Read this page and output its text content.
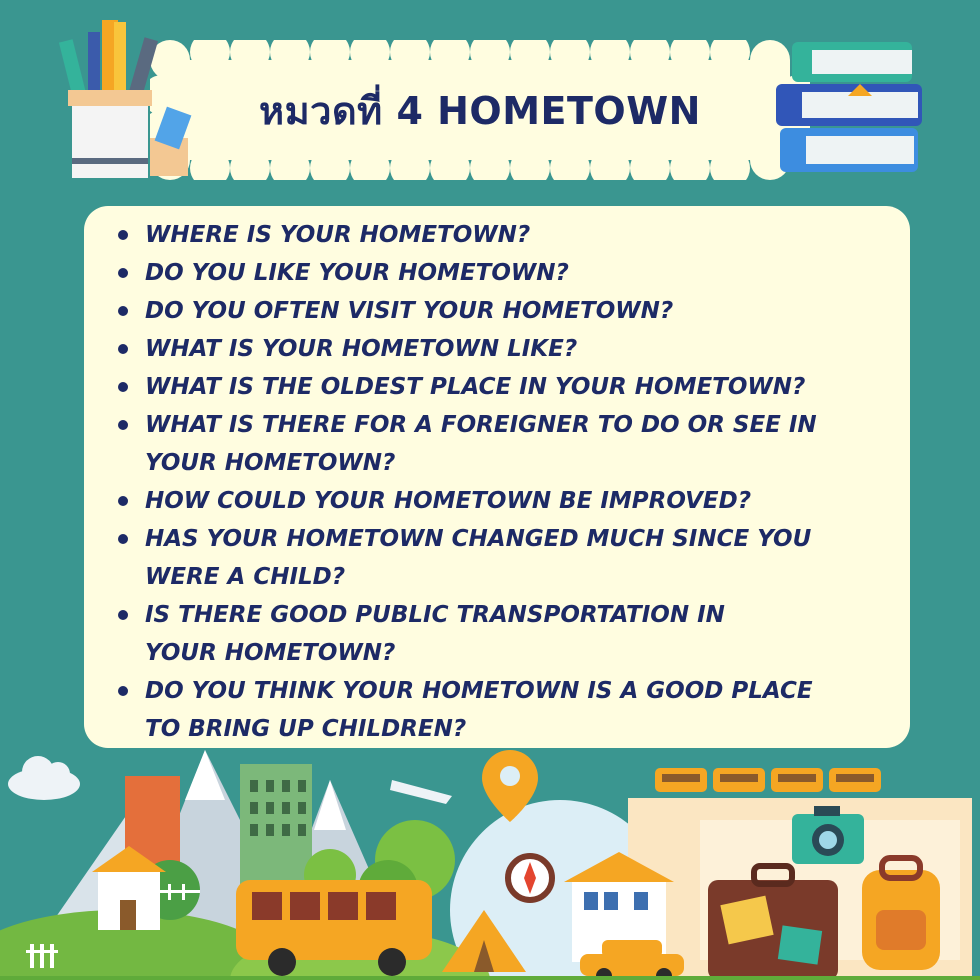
หมวดที่ 4 HOMETOWN
WHERE IS YOUR HOMETOWN?
DO YOU LIKE YOUR HOMETOWN?
DO YOU OFTEN VISIT YOUR HOMETOWN?
WHAT IS YOUR HOMETOWN LIKE?
WHAT IS THE OLDEST PLACE IN YOUR HOMETOWN?
WHAT IS THERE FOR A FOREIGNER TO DO OR SEE IN YOUR HOMETOWN?
HOW COULD YOUR HOMETOWN BE IMPROVED?
HAS YOUR HOMETOWN CHANGED MUCH SINCE YOU WERE A CHILD?
IS THERE GOOD PUBLIC TRANSPORTATION IN YOUR HOMETOWN?
DO YOU THINK YOUR HOMETOWN IS A GOOD PLACE TO BRING UP CHILDREN?
